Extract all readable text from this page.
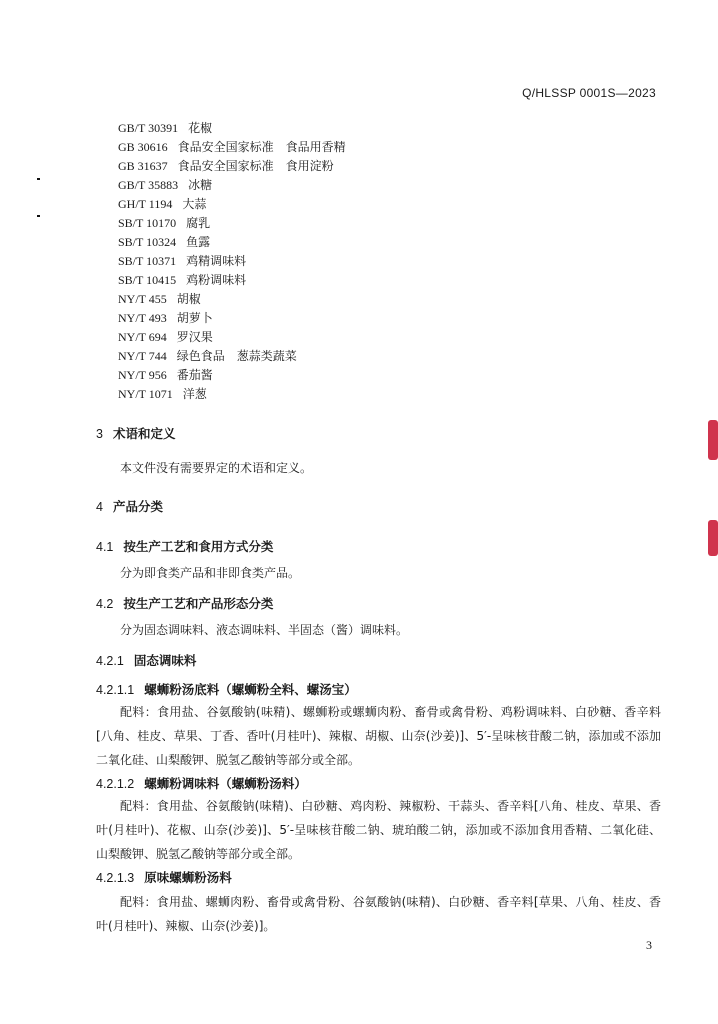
Q/HLSSP 0001S—2023
GB/T 30391 花椒
GB 30616 食品安全国家标准　食品用香精
GB 31637 食品安全国家标准　食用淀粉
GB/T 35883 冰糖
GH/T 1194 大蒜
SB/T 10170 腐乳
SB/T 10324 鱼露
SB/T 10371 鸡精调味料
SB/T 10415 鸡粉调味料
NY/T 455 胡椒
NY/T 493 胡萝卜
NY/T 694 罗汉果
NY/T 744 绿色食品　葱蒜类蔬菜
NY/T 956 番茄酱
NY/T 1071 洋葱
3 术语和定义
本文件没有需要界定的术语和定义。
4 产品分类
4.1 按生产工艺和食用方式分类
分为即食类产品和非即食类产品。
4.2 按生产工艺和产品形态分类
分为固态调味料、液态调味料、半固态（酱）调味料。
4.2.1 固态调味料
4.2.1.1 螺蛳粉汤底料（螺蛳粉全料、螺汤宝）
配料：食用盐、谷氨酸钠(味精)、螺蛳粉或螺蛳肉粉、畜骨或禽骨粉、鸡粉调味料、白砂糖、香辛料[八角、桂皮、草果、丁香、香叶(月桂叶)、辣椒、胡椒、山奈(沙姜)]、5′-呈味核苷酸二钠，添加或不添加二氧化硅、山梨酸钾、脱氢乙酸钠等部分或全部。
4.2.1.2 螺蛳粉调味料（螺蛳粉汤料）
配料：食用盐、谷氨酸钠(味精)、白砂糖、鸡肉粉、辣椒粉、干蒜头、香辛料[八角、桂皮、草果、香叶(月桂叶)、花椒、山奈(沙姜)]、5′-呈味核苷酸二钠、琥珀酸二钠，添加或不添加食用香精、二氧化硅、山梨酸钾、脱氢乙酸钠等部分或全部。
4.2.1.3 原味螺蛳粉汤料
配料：食用盐、螺蛳肉粉、畜骨或禽骨粉、谷氨酸钠(味精)、白砂糖、香辛料[草果、八角、桂皮、香叶(月桂叶)、辣椒、山奈(沙姜)]。
3
